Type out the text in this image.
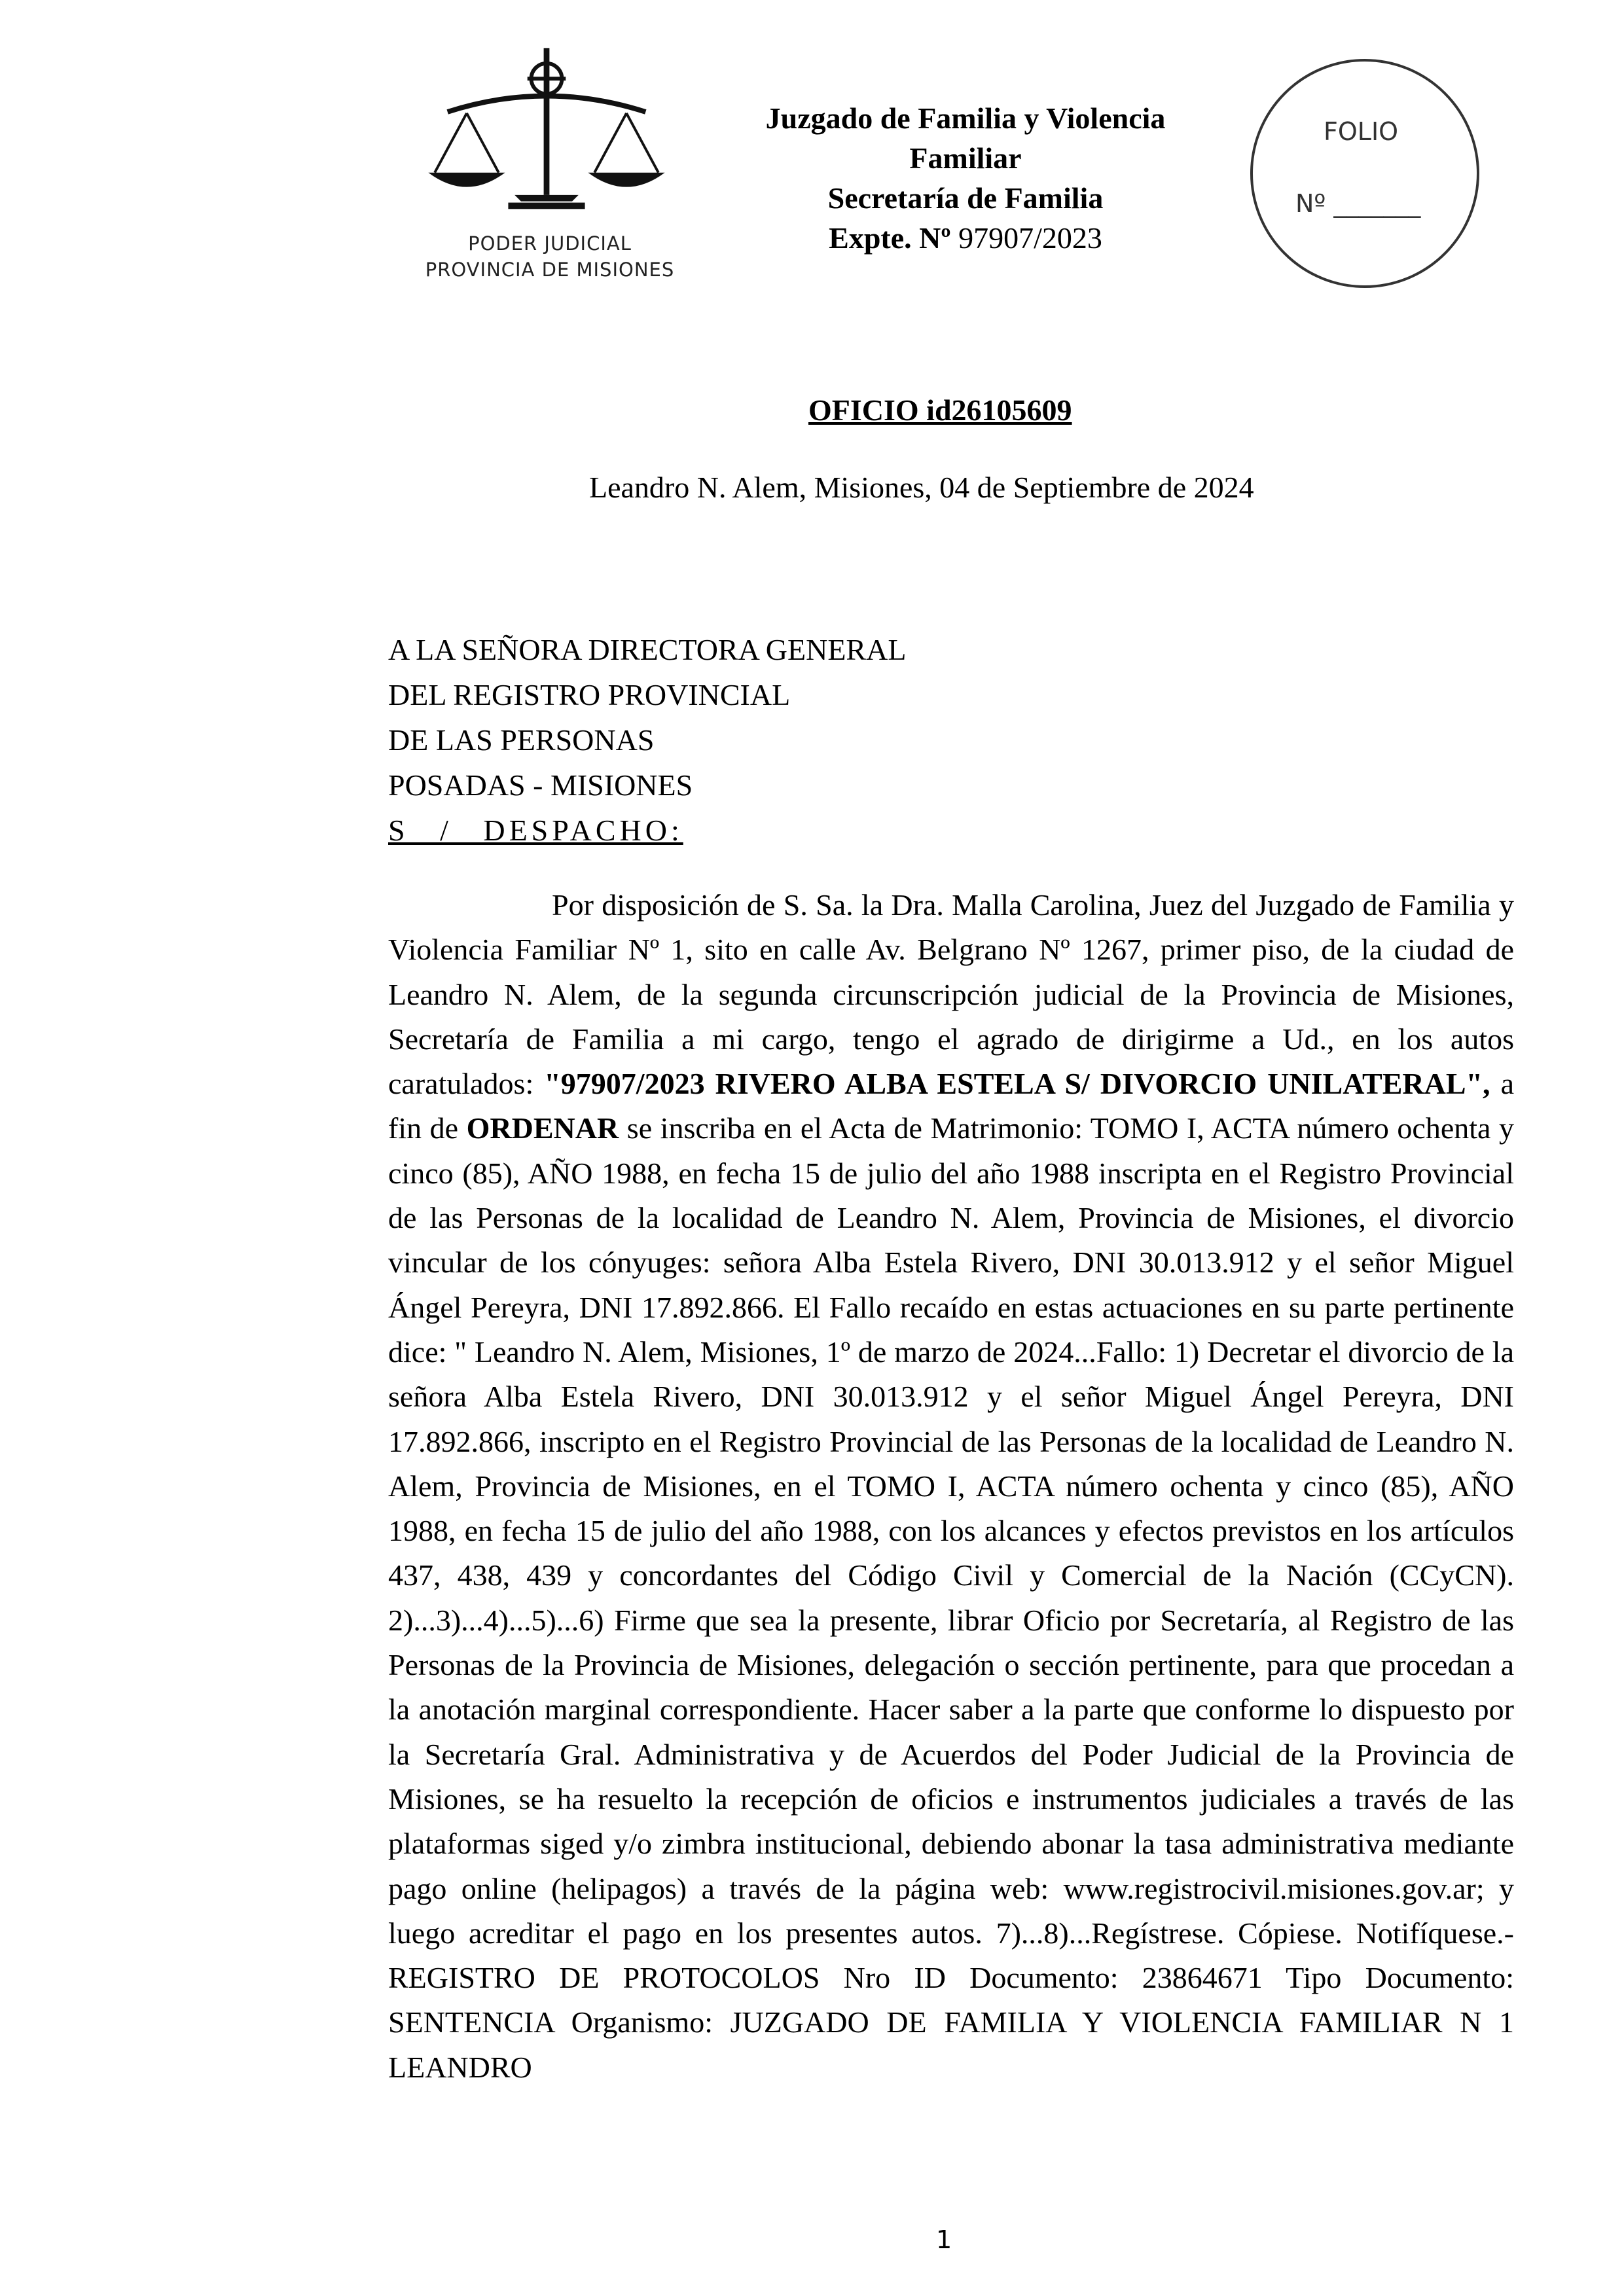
PODER JUDICIAL
PROVINCIA DE MISIONES
Juzgado de Familia y Violencia
Familiar
Secretaría de Familia
Expte. Nº 97907/2023
FOLIO
Nº _______
OFICIO id26105609
Leandro N. Alem, Misiones, 04 de Septiembre de 2024
A LA SEÑORA DIRECTORA GENERAL
DEL REGISTRO PROVINCIAL
DE LAS PERSONAS
POSADAS - MISIONES
S / DESPACHO:

Por disposición de S. Sa. la Dra. Malla Carolina, Juez del Juzgado de Familia y Violencia Familiar Nº 1, sito en calle Av. Belgrano Nº 1267, primer piso, de la ciudad de Leandro N. Alem, de la segunda circunscripción judicial de la Provincia de Misiones, Secretaría de Familia a mi cargo, tengo el agrado de dirigirme a Ud., en los autos caratulados: "97907/2023 RIVERO ALBA ESTELA S/ DIVORCIO UNILATERAL", a fin de ORDENAR se inscriba en el Acta de Matrimonio: TOMO I, ACTA número ochenta y cinco (85), AÑO 1988, en fecha 15 de julio del año 1988 inscripta en el Registro Provincial de las Personas de la localidad de Leandro N. Alem, Provincia de Misiones, el divorcio vincular de los cónyuges: señora Alba Estela Rivero, DNI 30.013.912 y el señor Miguel Ángel Pereyra, DNI 17.892.866. El Fallo recaído en estas actuaciones en su parte pertinente dice: " Leandro N. Alem, Misiones, 1º de marzo de 2024...Fallo: 1) Decretar el divorcio de la señora Alba Estela Rivero, DNI 30.013.912 y el señor Miguel Ángel Pereyra, DNI 17.892.866, inscripto en el Registro Provincial de las Personas de la localidad de Leandro N. Alem, Provincia de Misiones, en el TOMO I, ACTA número ochenta y cinco (85), AÑO 1988, en fecha 15 de julio del año 1988, con los alcances y efectos previstos en los artículos 437, 438, 439 y concordantes del Código Civil y Comercial de la Nación (CCyCN). 2)...3)...4)...5)...6) Firme que sea la presente, librar Oficio por Secretaría, al Registro de las Personas de la Provincia de Misiones, delegación o sección pertinente, para que procedan a la anotación marginal correspondiente. Hacer saber a la parte que conforme lo dispuesto por la Secretaría Gral. Administrativa y de Acuerdos del Poder Judicial de la Provincia de Misiones, se ha resuelto la recepción de oficios e instrumentos judiciales a través de las plataformas siged y/o zimbra institucional, debiendo abonar la tasa administrativa mediante pago online (helipagos) a través de la página web: www.registrocivil.misiones.gov.ar; y luego acreditar el pago en los presentes autos. 7)...8)...Regístrese. Cópiese. Notifíquese.-REGISTRO DE PROTOCOLOS Nro ID Documento: 23864671 Tipo Documento: SENTENCIA Organismo: JUZGADO DE FAMILIA Y VIOLENCIA FAMILIAR N 1 LEANDRO

1
